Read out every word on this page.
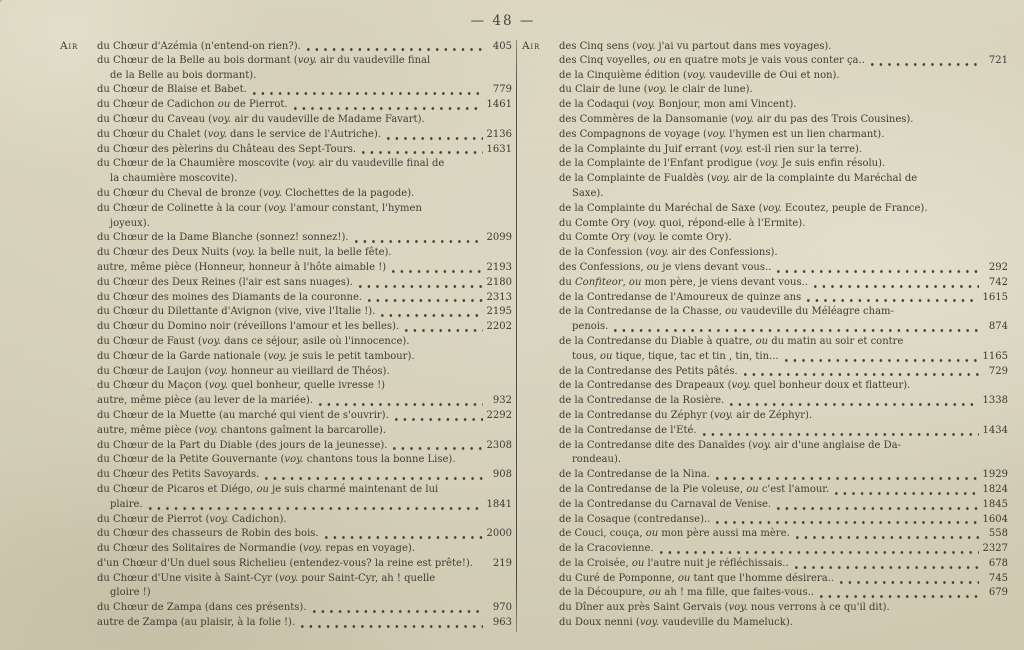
— 48 —
Air	du Chœur d'Azémia (n'entend-on rien?).	405
du Chœur de la Belle au bois dormant (voy. air du vaudeville final
de la Belle au bois dormant).
du Chœur de Blaise et Babet.	779
du Chœur de Cadichon ou de Pierrot.	1461
du Chœur du Caveau (voy. air du vaudeville de Madame Favart).
du Chœur du Chalet (voy. dans le service de l'Autriche).	2136
du Chœur des pèlerins du Château des Sept-Tours.	1631
du Chœur de la Chaumière moscovite (voy. air du vaudeville final de
la chaumière moscovite).
du Chœur du Cheval de bronze (voy. Clochettes de la pagode).
du Chœur de Colinette à la cour (voy. l'amour constant, l'hymen
joyeux).
du Chœur de la Dame Blanche (sonnez! sonnez!).	2099
du Chœur des Deux Nuits (voy. la belle nuit, la belle fête).
autre, même pièce (Honneur, honneur à l'hôte aimable !)	2193
du Chœur des Deux Reines (l'air est sans nuages).	2180
du Chœur des moines des Diamants de la couronne.	2313
du Chœur du Dilettante d'Avignon (vive, vive l'Italie !).	2195
du Chœur du Domino noir (réveillons l'amour et les belles).	2202
du Chœur de Faust (voy. dans ce séjour, asile où l'innocence).
du Chœur de la Garde nationale (voy. je suis le petit tambour).
du Chœur de Laujon (voy. honneur au vieillard de Théos).
du Chœur du Maçon (voy. quel bonheur, quelle ivresse !)
autre, même pièce (au lever de la mariée).	932
du Chœur de la Muette (au marché qui vient de s'ouvrir).	2292
autre, même pièce (voy. chantons gaîment la barcarolle).
du Chœur de la Part du Diable (des jours de la jeunesse).	2308
du Chœur de la Petite Gouvernante (voy. chantons tous la bonne Lise).
du Chœur des Petits Savoyards.	908
du Chœur de Picaros et Diégo, ou je suis charmé maintenant de lui
plaire.	1841
du Chœur de Pierrot (voy. Cadichon).
du Chœur des chasseurs de Robin des bois.	2000
du Chœur des Solitaires de Normandie (voy. repas en voyage).
d'un Chœur d'Un duel sous Richelieu (entendez-vous? la reine est prête!).	219
du Chœur d'Une visite à Saint-Cyr (voy. pour Saint-Cyr, ah ! quelle
gloire !)
du Chœur de Zampa (dans ces présents).	970
autre de Zampa (au plaisir, à la folie !).	963
Air	des Cinq sens (voy. j'ai vu partout dans mes voyages).
des Cinq voyelles, ou en quatre mots je vais vous conter ça..	721
de la Cinquième édition (voy. vaudeville de Oui et non).
du Clair de lune (voy. le clair de lune).
de la Codaqui (voy. Bonjour, mon ami Vincent).
des Commères de la Dansomanie (voy. air du pas des Trois Cousines).
des Compagnons de voyage (voy. l'hymen est un lien charmant).
de la Complainte du Juif errant (voy. est-il rien sur la terre).
de la Complainte de l'Enfant prodigue (voy. Je suis enfin résolu).
de la Complainte de Fualdès (voy. air de la complainte du Maréchal de
Saxe).
de la Complainte du Maréchal de Saxe (voy. Ecoutez, peuple de France).
du Comte Ory (voy. quoi, répond-elle à l'Ermite).
du Comte Ory (voy. le comte Ory).
de la Confession (voy. air des Confessions).
des Confessions, ou je viens devant vous..	292
du Confiteor, ou mon père, je viens devant vous..	742
de la Contredanse de l'Amoureux de quinze ans	1615
de la Contredanse de la Chasse, ou vaudeville du Méléagre cham-
penois.	874
de la Contredanse du Diable à quatre, ou du matin au soir et contre
tous, ou tique, tique, tac et tin , tin, tin...	1165
de la Contredanse des Petits pâtés.	729
de la Contredanse des Drapeaux (voy. quel bonheur doux et flatteur).
de la Contredanse de la Rosière.	1338
de la Contredanse du Zéphyr (voy. air de Zéphyr).
de la Contredanse de l'Eté.	1434
de la Contredanse dite des Danaïdes (voy. air d'une anglaise de Da-
rondeau).
de la Contredanse de la Nina.	1929
de la Contredanse de la Pie voleuse, ou c'est l'amour.	1824
de la Contredanse du Carnaval de Venise.	1845
de la Cosaque (contredanse)..	1604
de Couci, couça, ou mon père aussi ma mère.	558
de la Cracovienne.	2327
de la Croisée, ou l'autre nuit je réfléchissais..	678
du Curé de Pomponne, ou tant que l'homme désirera..	745
de la Découpure, ou ah ! ma fille, que faites-vous..	679
du Dîner aux près Saint Gervais (voy. nous verrons à ce qu'il dit).
du Doux nenni (voy. vaudeville du Mameluck).
